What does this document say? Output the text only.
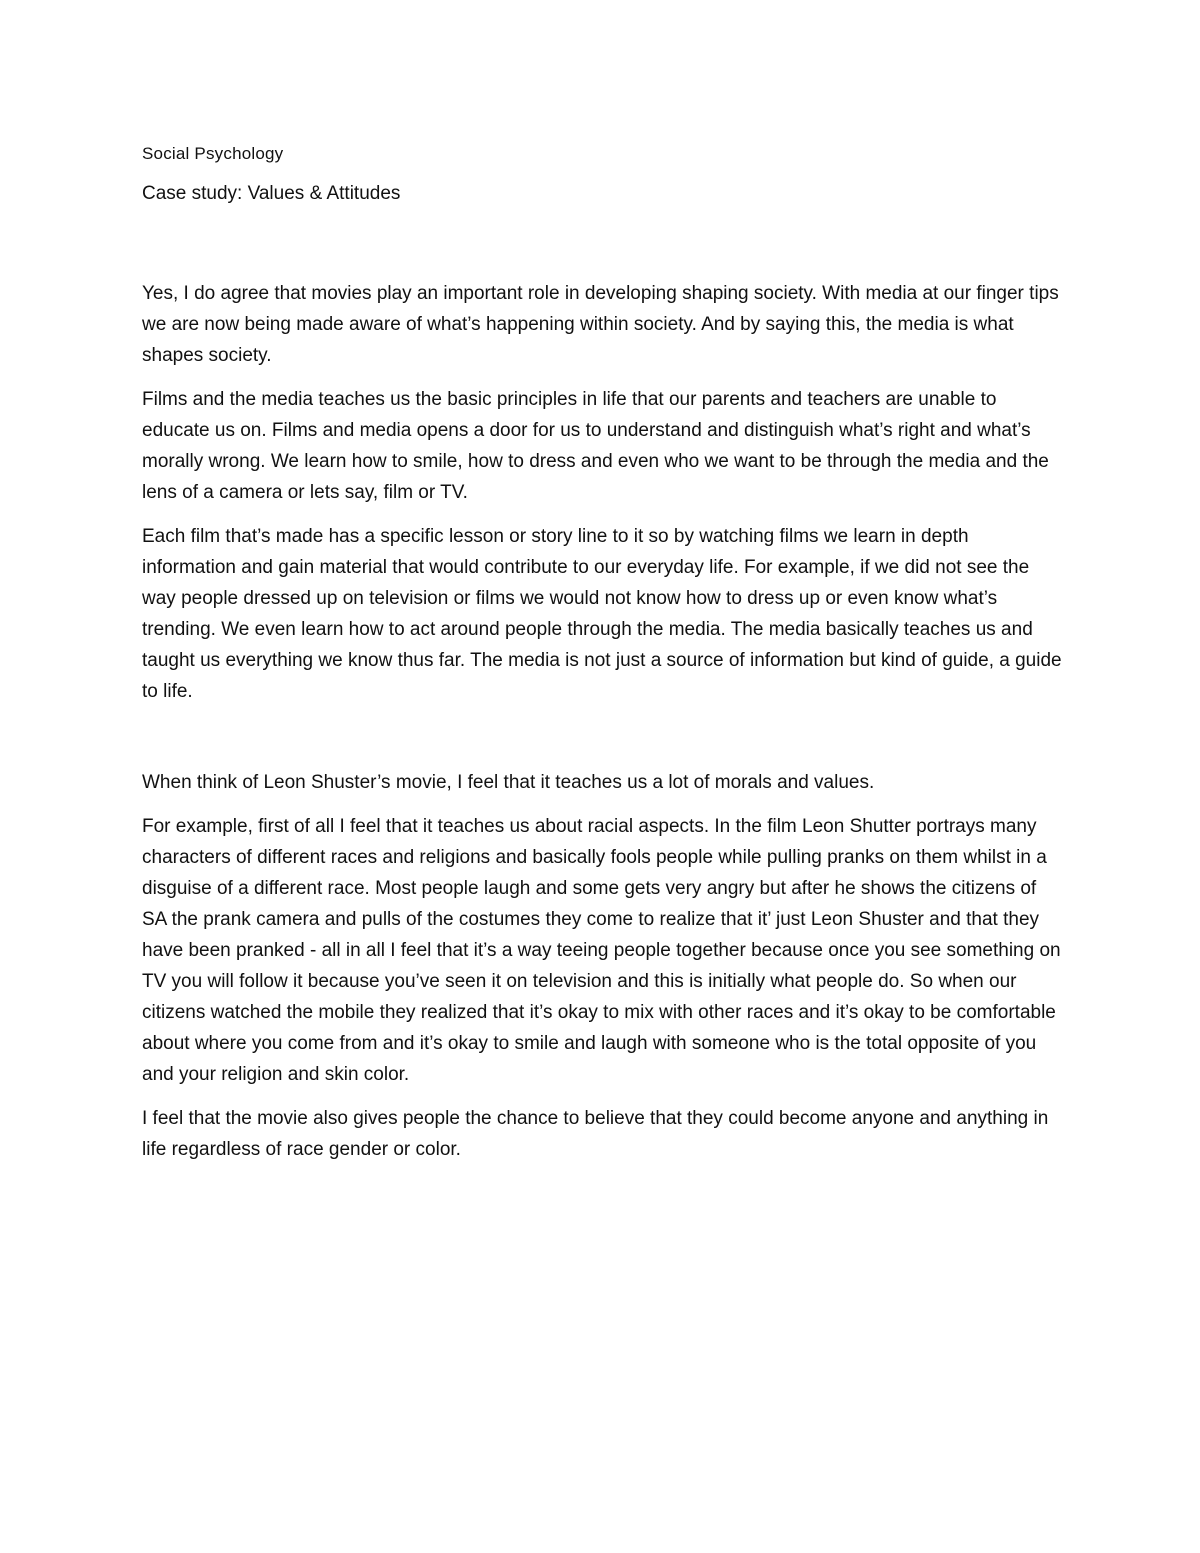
Social Psychology

Case study: Values & Attitudes

Yes, I do agree that movies play an important role in developing shaping society. With media at our finger tips we are now being made aware of what’s happening within society. And by saying this, the media is what shapes society.

Films and the media teaches us the basic principles in life that our parents and teachers are unable to educate us on. Films and media opens a door for us to understand and distinguish what’s right and what’s morally wrong. We learn how to smile, how to dress and even who we want to be through the media and the lens of a camera or lets say, film or TV.

Each film that’s made has a specific lesson or story line to it so by watching films we learn in depth information and gain material that would contribute to our everyday life. For example, if we did not see the way people dressed up on television or films we would not know how to dress up or even know what’s trending. We even learn how to act around people through the media. The media basically teaches us and taught us everything we know thus far. The media is not just a source of information but kind of guide, a guide to life.

When think of Leon Shuster’s movie, I feel that it teaches us a lot of morals and values.

For example, first of all I feel that it teaches us about racial aspects. In the film Leon Shutter portrays many characters of different races and religions and basically fools people while pulling pranks on them whilst in a disguise of a different race. Most people laugh and some gets very angry but after he shows the citizens of SA the prank camera and pulls of the costumes they come to realize that it’ just Leon Shuster and that they have been pranked - all in all I feel that it’s a way teeing people together because once you see something on TV you will follow it because you’ve seen it on television and this is initially what people do. So when our citizens watched the mobile they realized that it’s okay to mix with other races and it’s okay to be comfortable about where you come from and it’s okay to smile and laugh with someone who is the total opposite of you and your religion and skin color.

I feel that the movie also gives people the chance to believe that they could become anyone and anything in life regardless of race gender or color.
